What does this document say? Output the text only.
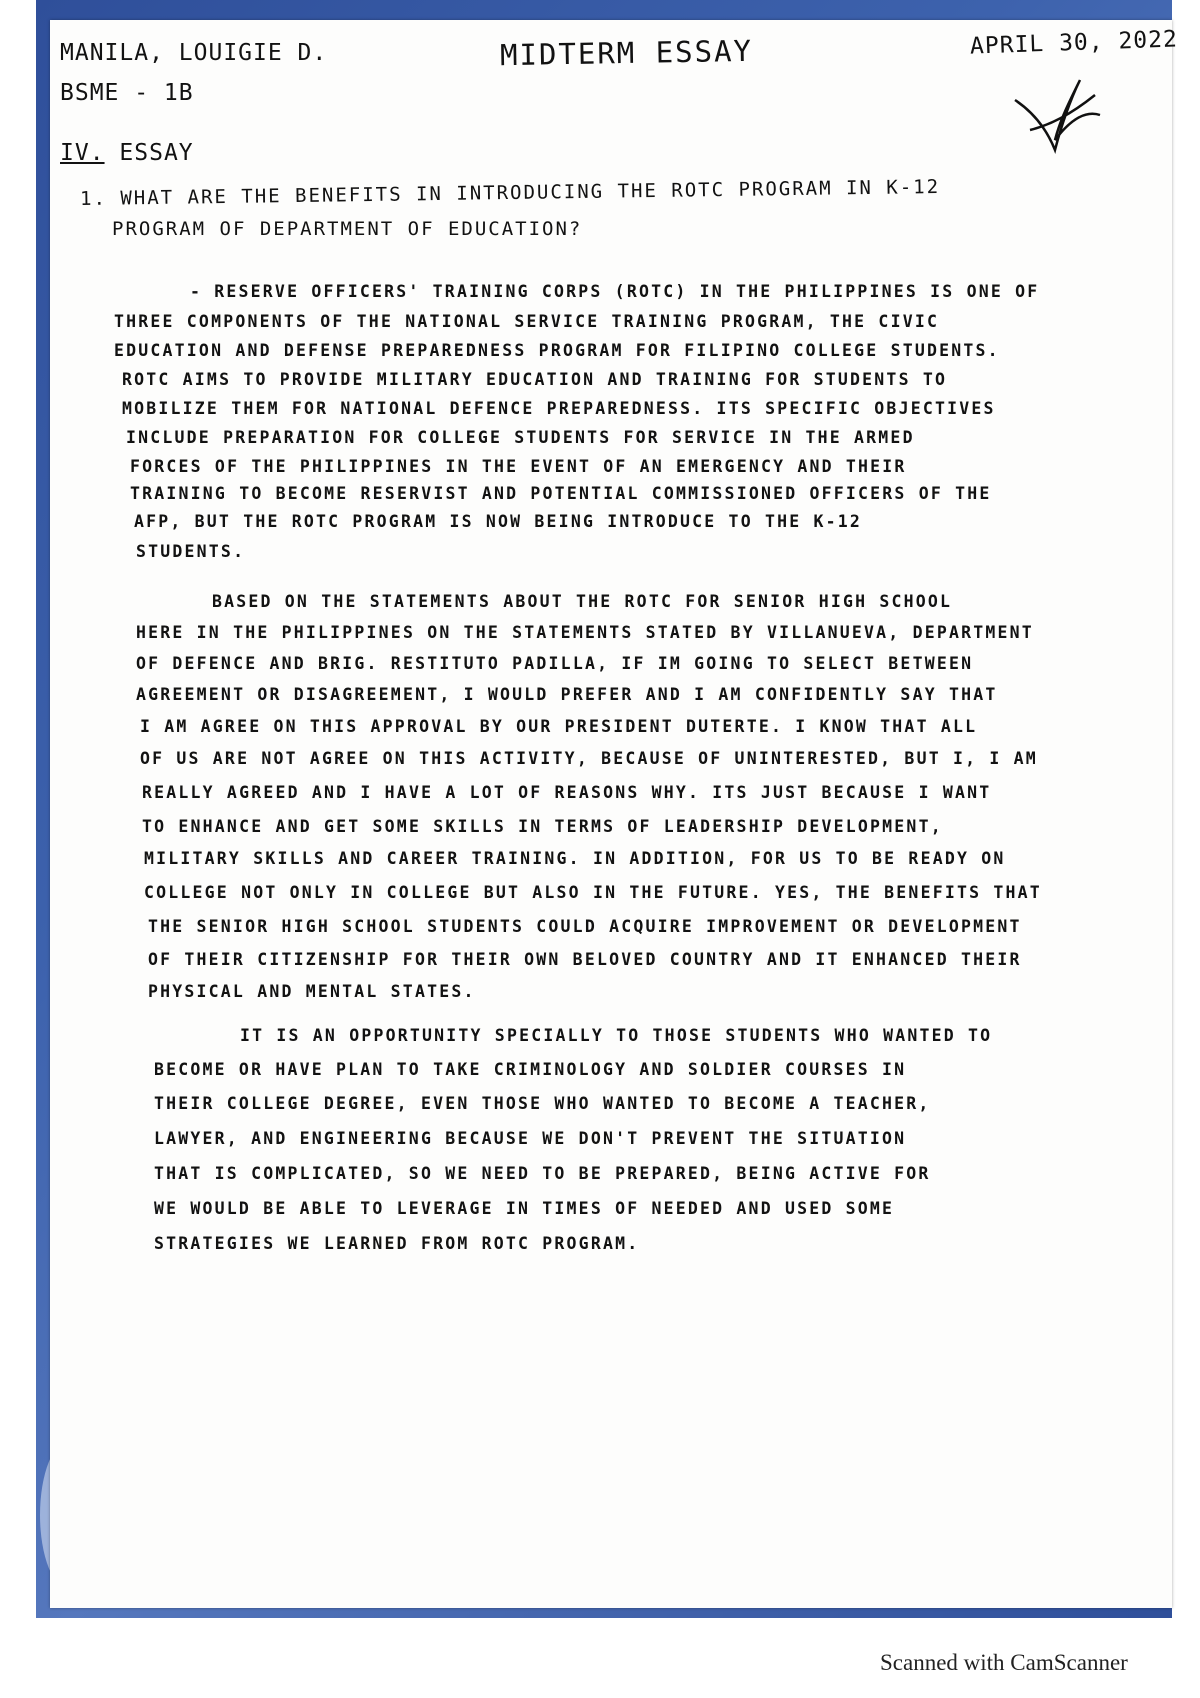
MANILA, LOUIGIE D.
BSME - 1B
MIDTERM ESSAY	APRIL 30, 2022
IV. ESSAY
1. WHAT ARE THE BENEFITS IN INTRODUCING THE ROTC PROGRAM IN K-12
PROGRAM OF DEPARTMENT OF EDUCATION?
- RESERVE OFFICERS' TRAINING CORPS (ROTC) IN THE PHILIPPINES IS ONE OF
THREE COMPONENTS OF THE NATIONAL SERVICE TRAINING PROGRAM, THE CIVIC
EDUCATION AND DEFENSE PREPAREDNESS PROGRAM FOR FILIPINO COLLEGE STUDENTS.
ROTC AIMS TO PROVIDE MILITARY EDUCATION AND TRAINING FOR STUDENTS TO
MOBILIZE THEM FOR NATIONAL DEFENCE PREPAREDNESS. ITS SPECIFIC OBJECTIVES
INCLUDE PREPARATION FOR COLLEGE STUDENTS FOR SERVICE IN THE ARMED
FORCES OF THE PHILIPPINES IN THE EVENT OF AN EMERGENCY AND THEIR
TRAINING TO BECOME RESERVIST AND POTENTIAL COMMISSIONED OFFICERS OF THE
AFP, BUT THE ROTC PROGRAM IS NOW BEING INTRODUCE TO THE K-12
STUDENTS.
BASED ON THE STATEMENTS ABOUT THE ROTC FOR SENIOR HIGH SCHOOL
HERE IN THE PHILIPPINES ON THE STATEMENTS STATED BY VILLANUEVA, DEPARTMENT
OF DEFENCE AND BRIG. RESTITUTO PADILLA, IF IM GOING TO SELECT BETWEEN
AGREEMENT OR DISAGREEMENT, I WOULD PREFER AND I AM CONFIDENTLY SAY THAT
I AM AGREE ON THIS APPROVAL BY OUR PRESIDENT DUTERTE. I KNOW THAT ALL
OF US ARE NOT AGREE ON THIS ACTIVITY, BECAUSE OF UNINTERESTED, BUT I, I AM
REALLY AGREED AND I HAVE A LOT OF REASONS WHY. ITS JUST BECAUSE I WANT
TO ENHANCE AND GET SOME SKILLS IN TERMS OF LEADERSHIP DEVELOPMENT,
MILITARY SKILLS AND CAREER TRAINING. IN ADDITION, FOR US TO BE READY ON
COLLEGE NOT ONLY IN COLLEGE BUT ALSO IN THE FUTURE. YES, THE BENEFITS THAT
THE SENIOR HIGH SCHOOL STUDENTS COULD ACQUIRE IMPROVEMENT OR DEVELOPMENT
OF THEIR CITIZENSHIP FOR THEIR OWN BELOVED COUNTRY AND IT ENHANCED THEIR
PHYSICAL AND MENTAL STATES.
IT IS AN OPPORTUNITY SPECIALLY TO THOSE STUDENTS WHO WANTED TO
BECOME OR HAVE PLAN TO TAKE CRIMINOLOGY AND SOLDIER COURSES IN
THEIR COLLEGE DEGREE, EVEN THOSE WHO WANTED TO BECOME A TEACHER,
LAWYER, AND ENGINEERING BECAUSE WE DON'T PREVENT THE SITUATION
THAT IS COMPLICATED, SO WE NEED TO BE PREPARED, BEING ACTIVE FOR
WE WOULD BE ABLE TO LEVERAGE IN TIMES OF NEEDED AND USED SOME
STRATEGIES WE LEARNED FROM ROTC PROGRAM.
Scanned with CamScanner
